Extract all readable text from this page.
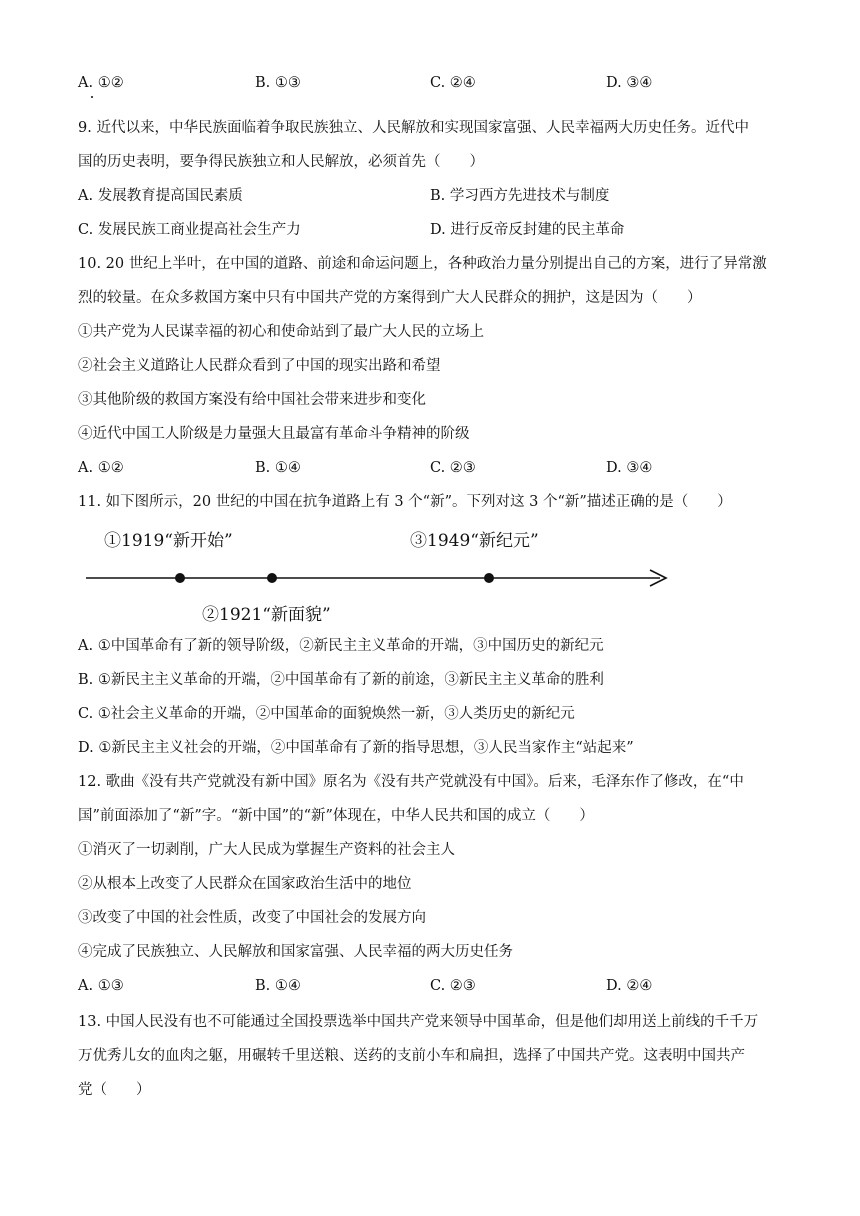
A. ①②	B. ①③	C. ②④	D. ③④
9. 近代以来，中华民族面临着争取民族独立、人民解放和实现国家富强、人民幸福两大历史任务。近代中
国的历史表明，要争得民族独立和人民解放，必须首先（　　）
A. 发展教育提高国民素质	B. 学习西方先进技术与制度
C. 发展民族工商业提高社会生产力	D. 进行反帝反封建的民主革命
10. 20 世纪上半叶，在中国的道路、前途和命运问题上，各种政治力量分别提出自己的方案，进行了异常激
烈的较量。在众多救国方案中只有中国共产党的方案得到广大人民群众的拥护，这是因为（　　）
①共产党为人民谋幸福的初心和使命站到了最广大人民的立场上
②社会主义道路让人民群众看到了中国的现实出路和希望
③其他阶级的救国方案没有给中国社会带来进步和变化
④近代中国工人阶级是力量强大且最富有革命斗争精神的阶级
A. ①②	B. ①④	C. ②③	D. ③④
11. 如下图所示，20 世纪的中国在抗争道路上有 3 个“新”。下列对这 3 个“新”描述正确的是（　　）
①1919“新开始”	③1949“新纪元”
②1921“新面貌”
A. ①中国革命有了新的领导阶级，②新民主主义革命的开端，③中国历史的新纪元
B. ①新民主主义革命的开端，②中国革命有了新的前途，③新民主主义革命的胜利
C. ①社会主义革命的开端，②中国革命的面貌焕然一新，③人类历史的新纪元
D. ①新民主主义社会的开端，②中国革命有了新的指导思想，③人民当家作主“站起来”
12. 歌曲《没有共产党就没有新中国》原名为《没有共产党就没有中国》。后来，毛泽东作了修改，在“中
国”前面添加了“新”字。“新中国”的“新”体现在，中华人民共和国的成立（　　）
①消灭了一切剥削，广大人民成为掌握生产资料的社会主人
②从根本上改变了人民群众在国家政治生活中的地位
③改变了中国的社会性质，改变了中国社会的发展方向
④完成了民族独立、人民解放和国家富强、人民幸福的两大历史任务
A. ①③	B. ①④	C. ②③	D. ②④
13. 中国人民没有也不可能通过全国投票选举中国共产党来领导中国革命，但是他们却用送上前线的千千万
万优秀儿女的血肉之躯，用碾转千里送粮、送药的支前小车和扁担，选择了中国共产党。这表明中国共产
党（　　）
